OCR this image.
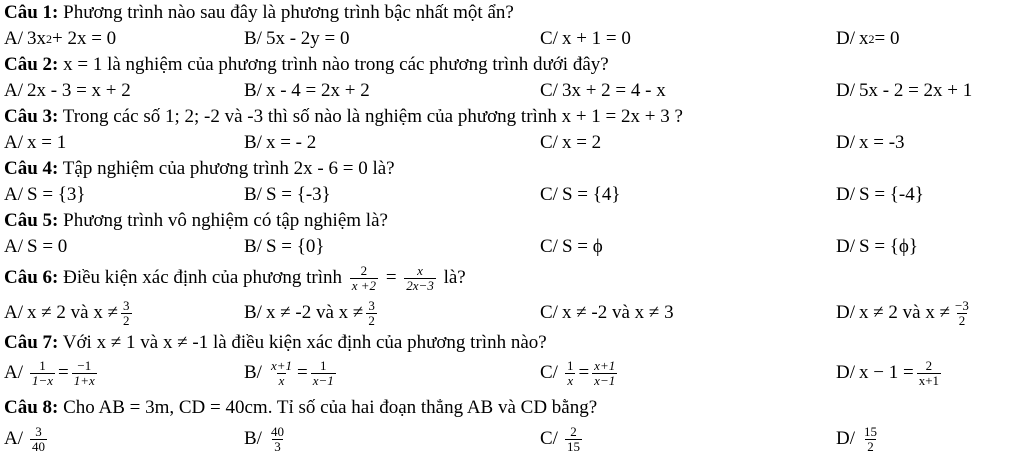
Câu 1: Phương trình nào sau đây là phương trình bậc nhất một ẩn?
A/ 3x 2 + 2x = 0	B/ 5x - 2y = 0	C/ x + 1 = 0	D/ x 2 = 0
Câu 2: x = 1 là nghiệm của phương trình nào trong các phương trình dưới đây?
A/ 2x - 3 = x + 2	B/ x - 4 = 2x + 2	C/ 3x + 2 = 4 - x	D/ 5x - 2 = 2x + 1
Câu 3: Trong các số 1; 2; -2 và -3 thì số nào là nghiệm của phương trình x + 1 = 2x + 3 ?
A/ x = 1	B/ x = - 2	C/ x = 2	D/ x = -3
Câu 4: Tập nghiệm của phương trình 2x - 6 = 0 là?
A/ S = {3}	B/ S = {-3}	C/ S = {4}	D/ S = {-4}
Câu 5: Phương trình vô nghiệm có tập nghiệm là?
A/ S = 0	B/ S = {0}	C/ S = ϕ	D/ S = {ϕ}
Câu 6: Điều kiện xác định của phương trình $\frac{2}{x +2} = \frac{x}{2x-3}$ là?
A/ x ≠ 2 và $x \ne \frac{3}{2}$	B/ x ≠ -2 và $x \ne \frac{3}{2}$	C/ x ≠ -2 và x ≠ 3	D/ x ≠ 2 và $x \ne \frac{-3}{2}$
Câu 7: Với x ≠ 1 và x ≠ -1 là điều kiện xác định của phương trình nào?
$A/ \frac{1}{1-x} = \frac{-1}{1+x}$	$B/ \frac{x+1}{x} = \frac{1}{x-1}$	$C/ \frac{1}{x} = \frac{x+1}{x-1}$	D/ $x - 1 = \frac{2}{x+1}$
Câu 8: Cho AB = 3m, CD = 40cm. Tỉ số của hai đoạn thẳng AB và CD bằng?
$A/ \frac{3}{40}$	$B/ \frac{40}{3}$	$C/ \frac{2}{15}$	$D/ \frac{15}{2}$
